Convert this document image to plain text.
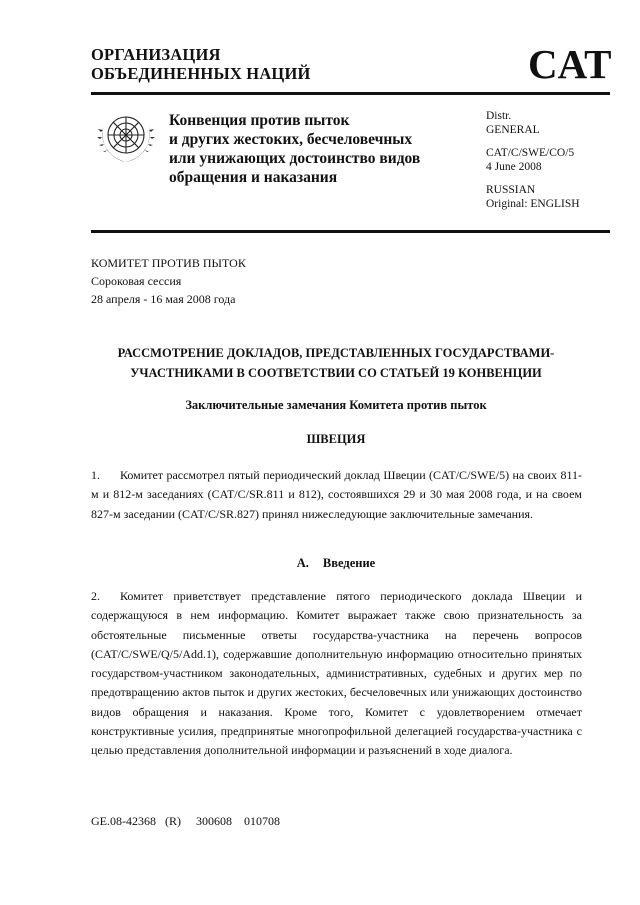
ОРГАНИЗАЦИЯ
ОБЪЕДИНЕННЫХ НАЦИЙ	CAT
Конвенция против пыток
и других жестоких, бесчеловечных
или унижающих достоинство видов
обращения и наказания
Distr.
GENERAL
CAT/C/SWE/CO/5
4 June 2008
RUSSIAN
Original: ENGLISH
КОМИТЕТ ПРОТИВ ПЫТОК
Сороковая сессия
28 апреля - 16 мая 2008 года
РАССМОТРЕНИЕ ДОКЛАДОВ, ПРЕДСТАВЛЕННЫХ ГОСУДАРСТВАМИ-
УЧАСТНИКАМИ В СООТВЕТСТВИИ СО СТАТЬЕЙ 19 КОНВЕНЦИИ
Заключительные замечания Комитета против пыток
ШВЕЦИЯ
1. Комитет рассмотрел пятый периодический доклад Швеции (CAT/C/SWE/5) на своих 811-м и 812-м заседаниях (CAT/C/SR.811 и 812), состоявшихся 29 и 30 мая 2008 года, и на своем 827-м заседании (CAT/C/SR.827) принял нижеследующие заключительные замечания.
A. Введение
2. Комитет приветствует представление пятого периодического доклада Швеции и содержащуюся в нем информацию. Комитет выражает также свою признательность за обстоятельные письменные ответы государства-участника на перечень вопросов (CAT/C/SWE/Q/5/Add.1), содержавшие дополнительную информацию относительно принятых государством-участником законодательных, административных, судебных и других мер по предотвращению актов пыток и других жестоких, бесчеловечных или унижающих достоинство видов обращения и наказания. Кроме того, Комитет с удовлетворением отмечает конструктивные усилия, предпринятые многопрофильной делегацией государства-участника с целью представления дополнительной информации и разъяснений в ходе диалога.
GE.08-42368   (R)     300608    010708
